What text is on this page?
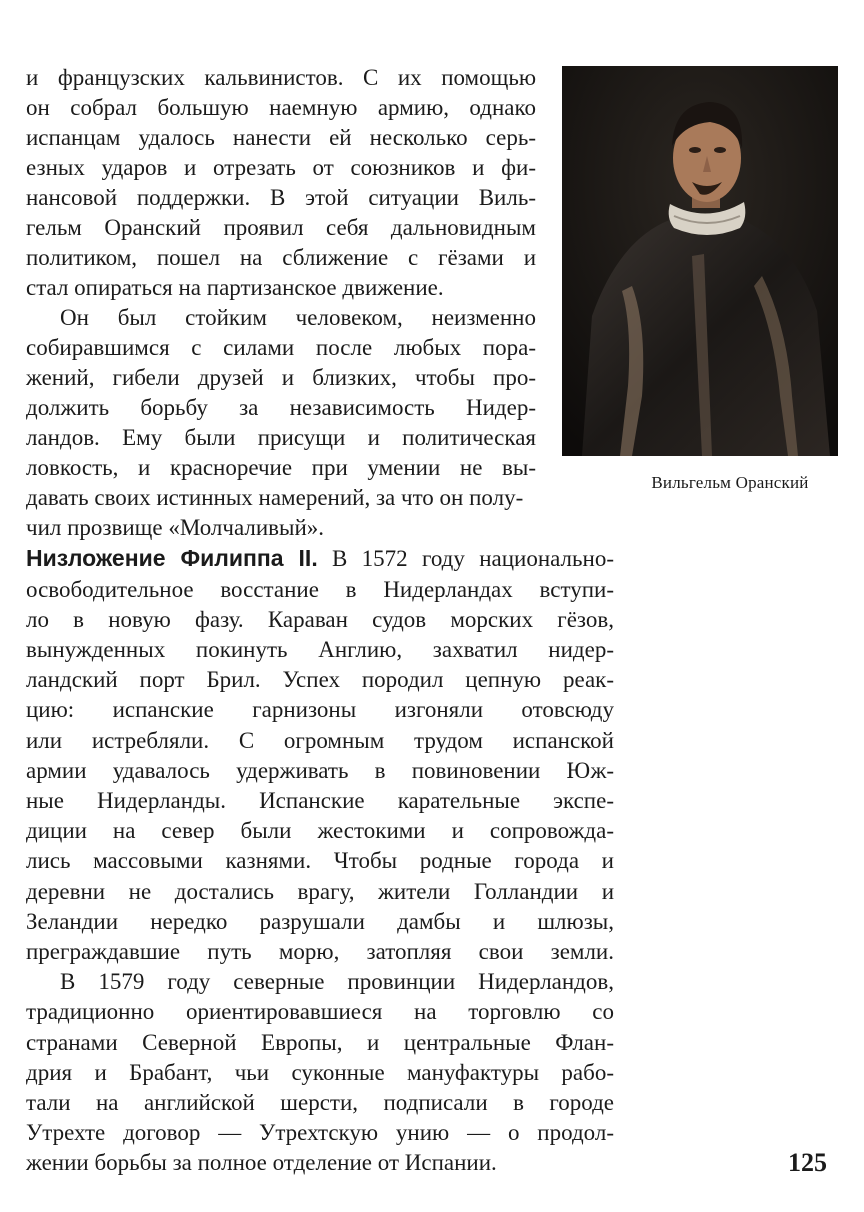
Вильгельм Оранский
и французских кальвинистов. С их помощью
он собрал большую наемную армию, однако
испанцам удалось нанести ей несколько серь-
езных ударов и отрезать от союзников и фи-
нансовой поддержки. В этой ситуации Виль-
гельм Оранский проявил себя дальновидным
политиком, пошел на сближение с гёзами и
стал опираться на партизанское движение.
Он был стойким человеком, неизменно
собиравшимся с силами после любых пора-
жений, гибели друзей и близких, чтобы про-
должить борьбу за независимость Нидер-
ландов. Ему были присущи и политическая
ловкость, и красноречие при умении не вы-
давать своих истинных намерений, за что он полу-
чил прозвище «Молчаливый».
Низложение Филиппа II. В 1572 году национально-
освободительное восстание в Нидерландах вступи-
ло в новую фазу. Караван судов морских гёзов,
вынужденных покинуть Англию, захватил нидер-
ландский порт Брил. Успех породил цепную реак-
цию: испанские гарнизоны изгоняли отовсюду
или истребляли. С огромным трудом испанской
армии удавалось удерживать в повиновении Юж-
ные Нидерланды. Испанские карательные экспе-
диции на север были жестокими и сопровожда-
лись массовыми казнями. Чтобы родные города и
деревни не достались врагу, жители Голландии и
Зеландии нередко разрушали дамбы и шлюзы,
преграждавшие путь морю, затопляя свои земли.
В 1579 году северные провинции Нидерландов,
традиционно ориентировавшиеся на торговлю со
странами Северной Европы, и центральные Флан-
дрия и Брабант, чьи суконные мануфактуры рабо-
тали на английской шерсти, подписали в городе
Утрехте договор — Утрехтскую унию — о продол-
жении борьбы за полное отделение от Испании.	125
